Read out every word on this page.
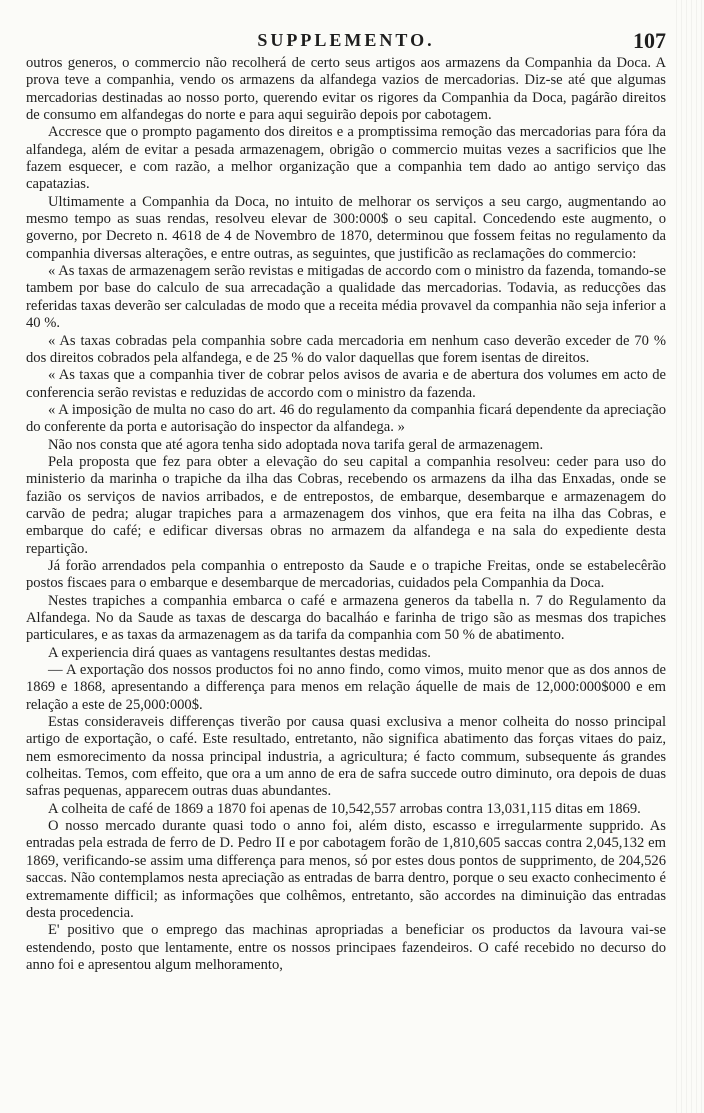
SUPPLEMENTO.	107

outros generos, o commercio não recolherá de certo seus artigos aos armazens da Companhia da Doca. A prova teve a companhia, vendo os armazens da alfandega vazios de mercadorias. Diz-se até que algumas mercadorias destinadas ao nosso porto, querendo evitar os rigores da Companhia da Doca, pagárão direitos de consumo em alfandegas do norte e para aqui seguirão depois por cabotagem.

Accresce que o prompto pagamento dos direitos e a promptissima remoção das mercadorias para fóra da alfandega, além de evitar a pesada armazenagem, obrigão o commercio muitas vezes a sacrificios que lhe fazem esquecer, e com razão, a melhor organização que a companhia tem dado ao antigo serviço das capatazias.

Ultimamente a Companhia da Doca, no intuito de melhorar os serviços a seu cargo, augmentando ao mesmo tempo as suas rendas, resolveu elevar de 300:000$ o seu capital. Concedendo este augmento, o governo, por Decreto n. 4618 de 4 de Novembro de 1870, determinou que fossem feitas no regulamento da companhia diversas alterações, e entre outras, as seguintes, que justificão as reclamações do commercio:

« As taxas de armazenagem serão revistas e mitigadas de accordo com o ministro da fazenda, tomando-se tambem por base do calculo de sua arrecadação a qualidade das mercadorias. Todavia, as reducções das referidas taxas deverão ser calculadas de modo que a receita média provavel da companhia não seja inferior a 40 %.

« As taxas cobradas pela companhia sobre cada mercadoria em nenhum caso deverão exceder de 70 % dos direitos cobrados pela alfandega, e de 25 % do valor daquellas que forem isentas de direitos.

« As taxas que a companhia tiver de cobrar pelos avisos de avaria e de abertura dos volumes em acto de conferencia serão revistas e reduzidas de accordo com o ministro da fazenda.

« A imposição de multa no caso do art. 46 do regulamento da companhia ficará dependente da apreciação do conferente da porta e autorisação do inspector da alfandega. »

Não nos consta que até agora tenha sido adoptada nova tarifa geral de armazenagem.

Pela proposta que fez para obter a elevação do seu capital a companhia resolveu: ceder para uso do ministerio da marinha o trapiche da ilha das Cobras, recebendo os armazens da ilha das Enxadas, onde se fazião os serviços de navios arribados, e de entrepostos, de embarque, desembarque e armazenagem do carvão de pedra; alugar trapiches para a armazenagem dos vinhos, que era feita na ilha das Cobras, e embarque do café; e edificar diversas obras no armazem da alfandega e na sala do expediente desta repartição.

Já forão arrendados pela companhia o entreposto da Saude e o trapiche Freitas, onde se estabelecêrão postos fiscaes para o embarque e desembarque de mercadorias, cuidados pela Companhia da Doca.

Nestes trapiches a companhia embarca o café e armazena generos da tabella n. 7 do Regulamento da Alfandega. No da Saude as taxas de descarga do bacalháo e farinha de trigo são as mesmas dos trapiches particulares, e as taxas da armazenagem as da tarifa da companhia com 50 % de abatimento.

A experiencia dirá quaes as vantagens resultantes destas medidas.

— A exportação dos nossos productos foi no anno findo, como vimos, muito menor que as dos annos de 1869 e 1868, apresentando a differença para menos em relação áquelle de mais de 12,000:000$000 e em relação a este de 25,000:000$.

Estas consideraveis differenças tiverão por causa quasi exclusiva a menor colheita do nosso principal artigo de exportação, o café. Este resultado, entretanto, não significa abatimento das forças vitaes do paiz, nem esmorecimento da nossa principal industria, a agricultura; é facto commum, subsequente ás grandes colheitas. Temos, com effeito, que ora a um anno de era de safra succede outro diminuto, ora depois de duas safras pequenas, apparecem outras duas abundantes.

A colheita de café de 1869 a 1870 foi apenas de 10,542,557 arrobas contra 13,031,115 ditas em 1869.

O nosso mercado durante quasi todo o anno foi, além disto, escasso e irregularmente supprido. As entradas pela estrada de ferro de D. Pedro II e por cabotagem forão de 1,810,605 saccas contra 2,045,132 em 1869, verificando-se assim uma differença para menos, só por estes dous pontos de supprimento, de 204,526 saccas. Não contemplamos nesta apreciação as entradas de barra dentro, porque o seu exacto conhecimento é extremamente difficil; as informações que colhêmos, entretanto, são accordes na diminuição das entradas desta procedencia.

E' positivo que o emprego das machinas apropriadas a beneficiar os productos da lavoura vai-se estendendo, posto que lentamente, entre os nossos principaes fazendeiros. O café recebido no decurso do anno foi e apresentou algum melhoramento,
